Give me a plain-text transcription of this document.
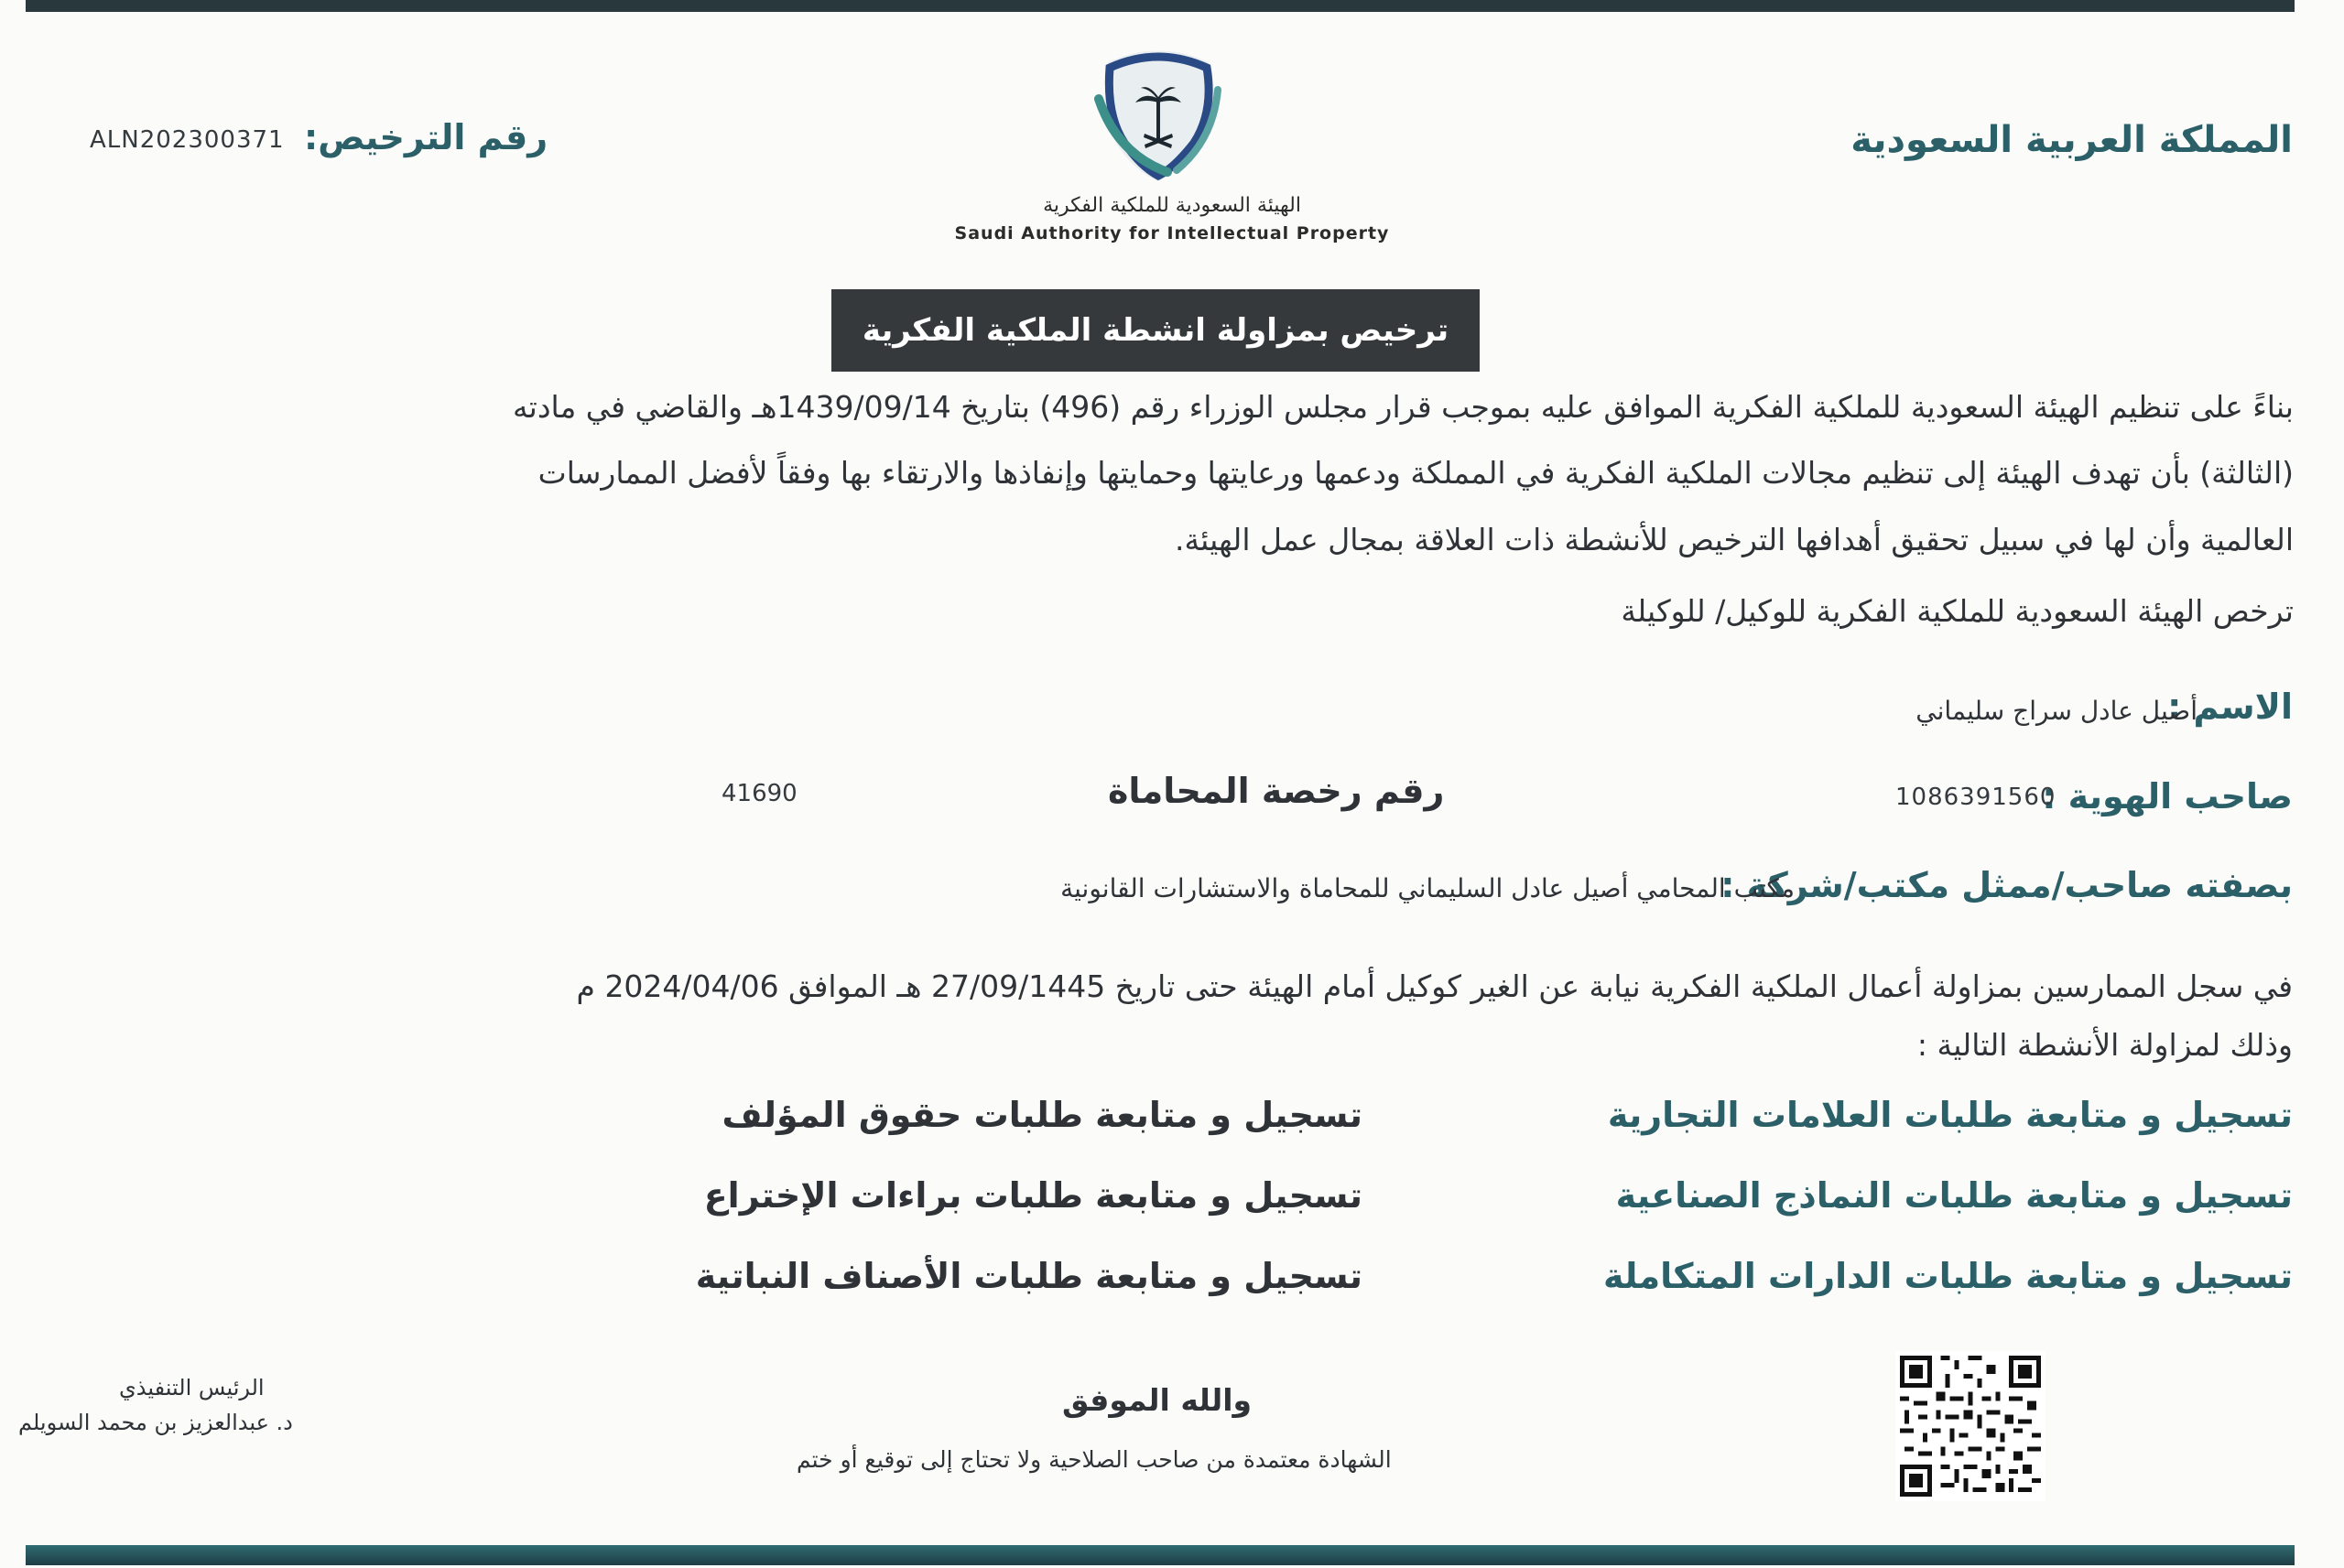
المملكة العربية السعودية
رقم الترخيص:
ALN202300371
الهيئة السعودية للملكية الفكرية
Saudi Authority for Intellectual Property
ترخيص بمزاولة انشطة الملكية الفكرية
بناءً على تنظيم الهيئة السعودية للملكية الفكرية الموافق عليه بموجب قرار مجلس الوزراء رقم (496) بتاريخ 1439/09/14هـ والقاضي في مادته
(الثالثة) بأن تهدف الهيئة إلى تنظيم مجالات الملكية الفكرية في المملكة ودعمها ورعايتها وحمايتها وإنفاذها والارتقاء بها وفقاً لأفضل الممارسات
العالمية وأن لها في سبيل تحقيق أهدافها الترخيص للأنشطة ذات العلاقة بمجال عمل الهيئة.
ترخص الهيئة السعودية للملكية الفكرية للوكيل/ للوكيلة
الاسم :
أصيل عادل سراج سليماني
صاحب الهوية :
1086391560
رقم رخصة المحاماة
41690
بصفته صاحب/ممثل مكتب/شركة :
مكتب المحامي أصيل عادل السليماني للمحاماة والاستشارات القانونية
في سجل الممارسين بمزاولة أعمال الملكية الفكرية نيابة عن الغير كوكيل أمام الهيئة حتى تاريخ 27/09/1445 هـ الموافق 2024/04/06 م
وذلك لمزاولة الأنشطة التالية :
تسجيل و متابعة طلبات العلامات التجارية
تسجيل و متابعة طلبات النماذج الصناعية
تسجيل و متابعة طلبات الدارات المتكاملة
تسجيل و متابعة طلبات حقوق المؤلف
تسجيل و متابعة طلبات براءات الإختراع
تسجيل و متابعة طلبات الأصناف النباتية
والله الموفق
الشهادة معتمدة من صاحب الصلاحية ولا تحتاج إلى توقيع أو ختم
الرئيس التنفيذي
د. عبدالعزيز بن محمد السويلم
